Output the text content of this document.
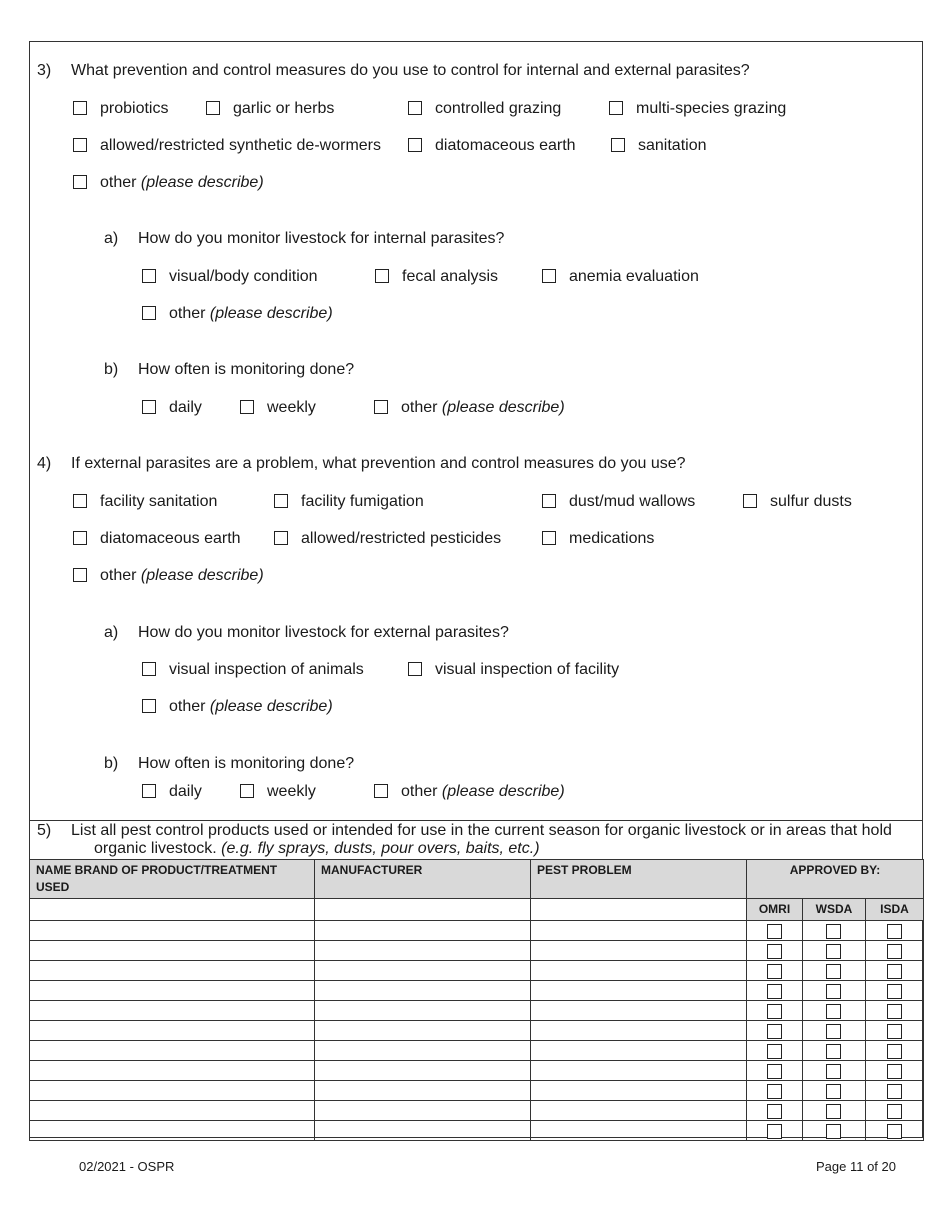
3) What prevention and control measures do you use to control for internal and external parasites?
probiotics	garlic or herbs	controlled grazing	multi-species grazing
allowed/restricted synthetic de-wormers	diatomaceous earth	sanitation
other (please describe)
a) How do you monitor livestock for internal parasites?
visual/body condition	fecal analysis	anemia evaluation
other (please describe)
b) How often is monitoring done?
daily	weekly	other (please describe)
4) If external parasites are a problem, what prevention and control measures do you use?
facility sanitation	facility fumigation	dust/mud wallows	sulfur dusts
diatomaceous earth	allowed/restricted pesticides	medications
other (please describe)
a) How do you monitor livestock for external parasites?
visual inspection of animals	visual inspection of facility
other (please describe)
b) How often is monitoring done?
daily	weekly	other (please describe)
5) List all pest control products used or intended for use in the current season for organic livestock or in areas that hold
organic livestock. (e.g. fly sprays, dusts, pour overs, baits, etc.)
NAME BRAND OF PRODUCT/TREATMENT USED	MANUFACTURER	PEST PROBLEM	APPROVED BY:		
			OMRI	WSDA	ISDA

02/2021 - OSPR	Page 11 of 20
